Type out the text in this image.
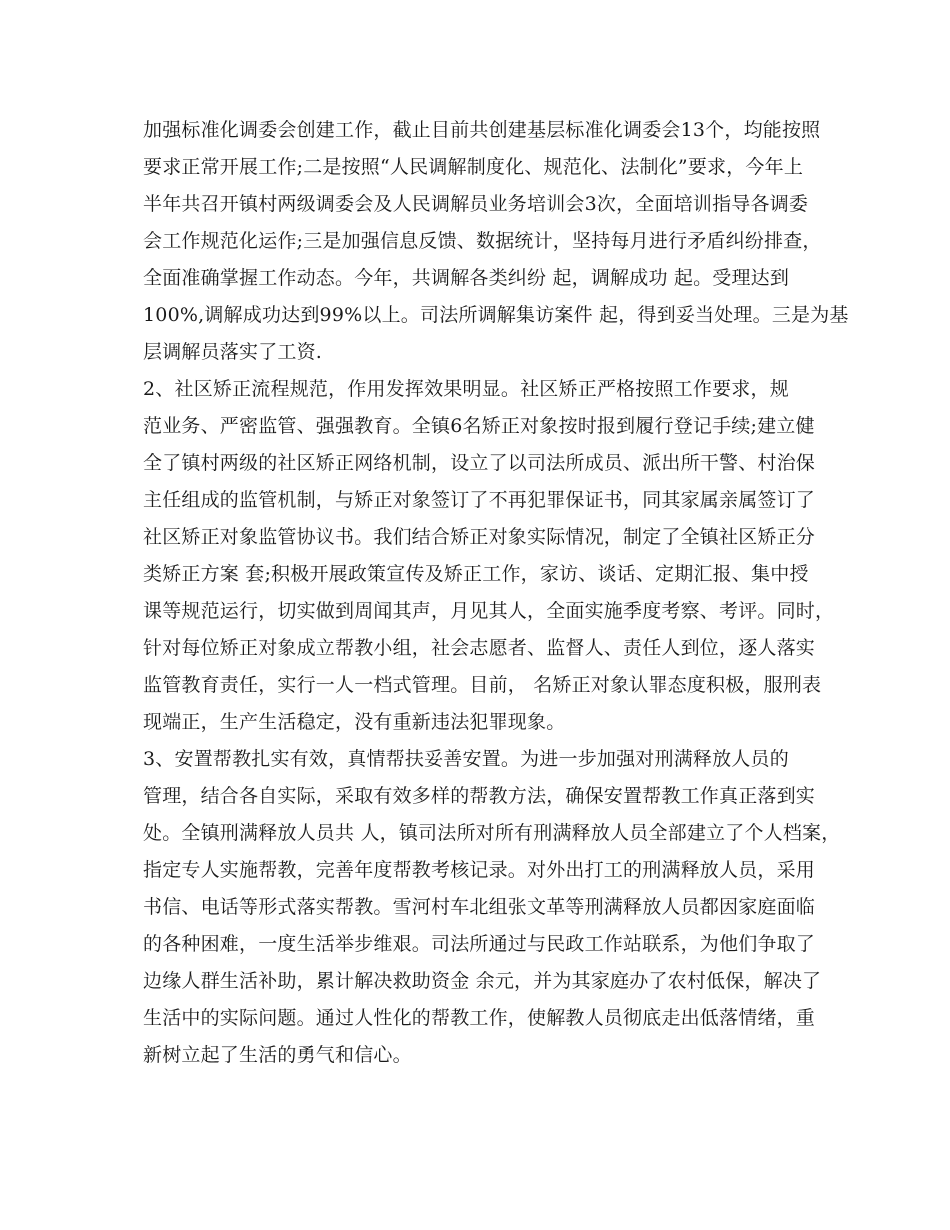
加强标准化调委会创建工作，截止目前共创建基层标准化调委会13个，均能按照
要求正常开展工作;二是按照“人民调解制度化、规范化、法制化”要求，今年上
半年共召开镇村两级调委会及人民调解员业务培训会3次，全面培训指导各调委
会工作规范化运作;三是加强信息反馈、数据统计，坚持每月进行矛盾纠纷排查，
全面准确掌握工作动态。今年，共调解各类纠纷 起，调解成功 起。受理达到
100%,调解成功达到99%以上。司法所调解集访案件 起，得到妥当处理。三是为基
层调解员落实了工资.
2、社区矫正流程规范，作用发挥效果明显。社区矫正严格按照工作要求，规
范业务、严密监管、强强教育。全镇6名矫正对象按时报到履行登记手续;建立健
全了镇村两级的社区矫正网络机制，设立了以司法所成员、派出所干警、村治保
主任组成的监管机制，与矫正对象签订了不再犯罪保证书，同其家属亲属签订了
社区矫正对象监管协议书。我们结合矫正对象实际情况，制定了全镇社区矫正分
类矫正方案 套;积极开展政策宣传及矫正工作，家访、谈话、定期汇报、集中授
课等规范运行，切实做到周闻其声，月见其人，全面实施季度考察、考评。同时，
针对每位矫正对象成立帮教小组，社会志愿者、监督人、责任人到位，逐人落实
监管教育责任，实行一人一档式管理。目前， 名矫正对象认罪态度积极，服刑表
现端正，生产生活稳定，没有重新违法犯罪现象。
3、安置帮教扎实有效，真情帮扶妥善安置。为进一步加强对刑满释放人员的
管理，结合各自实际，采取有效多样的帮教方法，确保安置帮教工作真正落到实
处。全镇刑满释放人员共 人，镇司法所对所有刑满释放人员全部建立了个人档案，
指定专人实施帮教，完善年度帮教考核记录。对外出打工的刑满释放人员，采用
书信、电话等形式落实帮教。雪河村车北组张文革等刑满释放人员都因家庭面临
的各种困难，一度生活举步维艰。司法所通过与民政工作站联系，为他们争取了
边缘人群生活补助，累计解决救助资金 余元，并为其家庭办了农村低保，解决了
生活中的实际问题。通过人性化的帮教工作，使解教人员彻底走出低落情绪，重
新树立起了生活的勇气和信心。
